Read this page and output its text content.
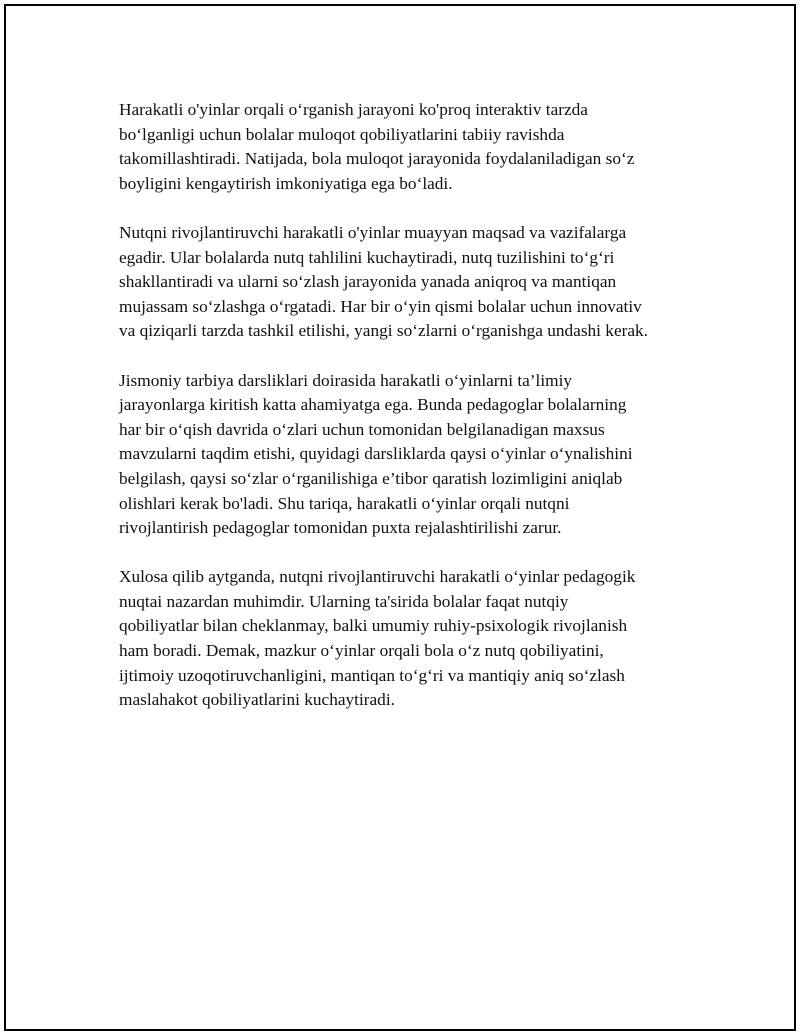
Harakatli o'yinlar orqali o‘rganish jarayoni ko'proq interaktiv tarzda
bo‘lganligi uchun bolalar muloqot qobiliyatlarini tabiiy ravishda
takomillashtiradi. Natijada, bola muloqot jarayonida foydalaniladigan so‘z
boyligini kengaytirish imkoniyatiga ega bo‘ladi.

Nutqni rivojlantiruvchi harakatli o'yinlar muayyan maqsad va vazifalarga
egadir. Ular bolalarda nutq tahlilini kuchaytiradi, nutq tuzilishini to‘g‘ri
shakllantiradi va ularni so‘zlash jarayonida yanada aniqroq va mantiqan
mujassam so‘zlashga o‘rgatadi. Har bir o‘yin qismi bolalar uchun innovativ
va qiziqarli tarzda tashkil etilishi, yangi so‘zlarni o‘rganishga undashi kerak.

Jismoniy tarbiya darsliklari doirasida harakatli o‘yinlarni ta’limiy
jarayonlarga kiritish katta ahamiyatga ega. Bunda pedagoglar bolalarning
har bir o‘qish davrida o‘zlari uchun tomonidan belgilanadigan maxsus
mavzularni taqdim etishi, quyidagi darsliklarda qaysi o‘yinlar o‘ynalishini
belgilash, qaysi so‘zlar o‘rganilishiga e’tibor qaratish lozimligini aniqlab
olishlari kerak bo'ladi. Shu tariqa, harakatli o‘yinlar orqali nutqni
rivojlantirish pedagoglar tomonidan puxta rejalashtirilishi zarur.

Xulosa qilib aytganda, nutqni rivojlantiruvchi harakatli o‘yinlar pedagogik
nuqtai nazardan muhimdir. Ularning ta'sirida bolalar faqat nutqiy
qobiliyatlar bilan cheklanmay, balki umumiy ruhiy-psixologik rivojlanish
ham boradi. Demak, mazkur o‘yinlar orqali bola o‘z nutq qobiliyatini,
ijtimoiy uzoqotiruvchanligini, mantiqan to‘g‘ri va mantiqiy aniq so‘zlash
maslahakot qobiliyatlarini kuchaytiradi.
